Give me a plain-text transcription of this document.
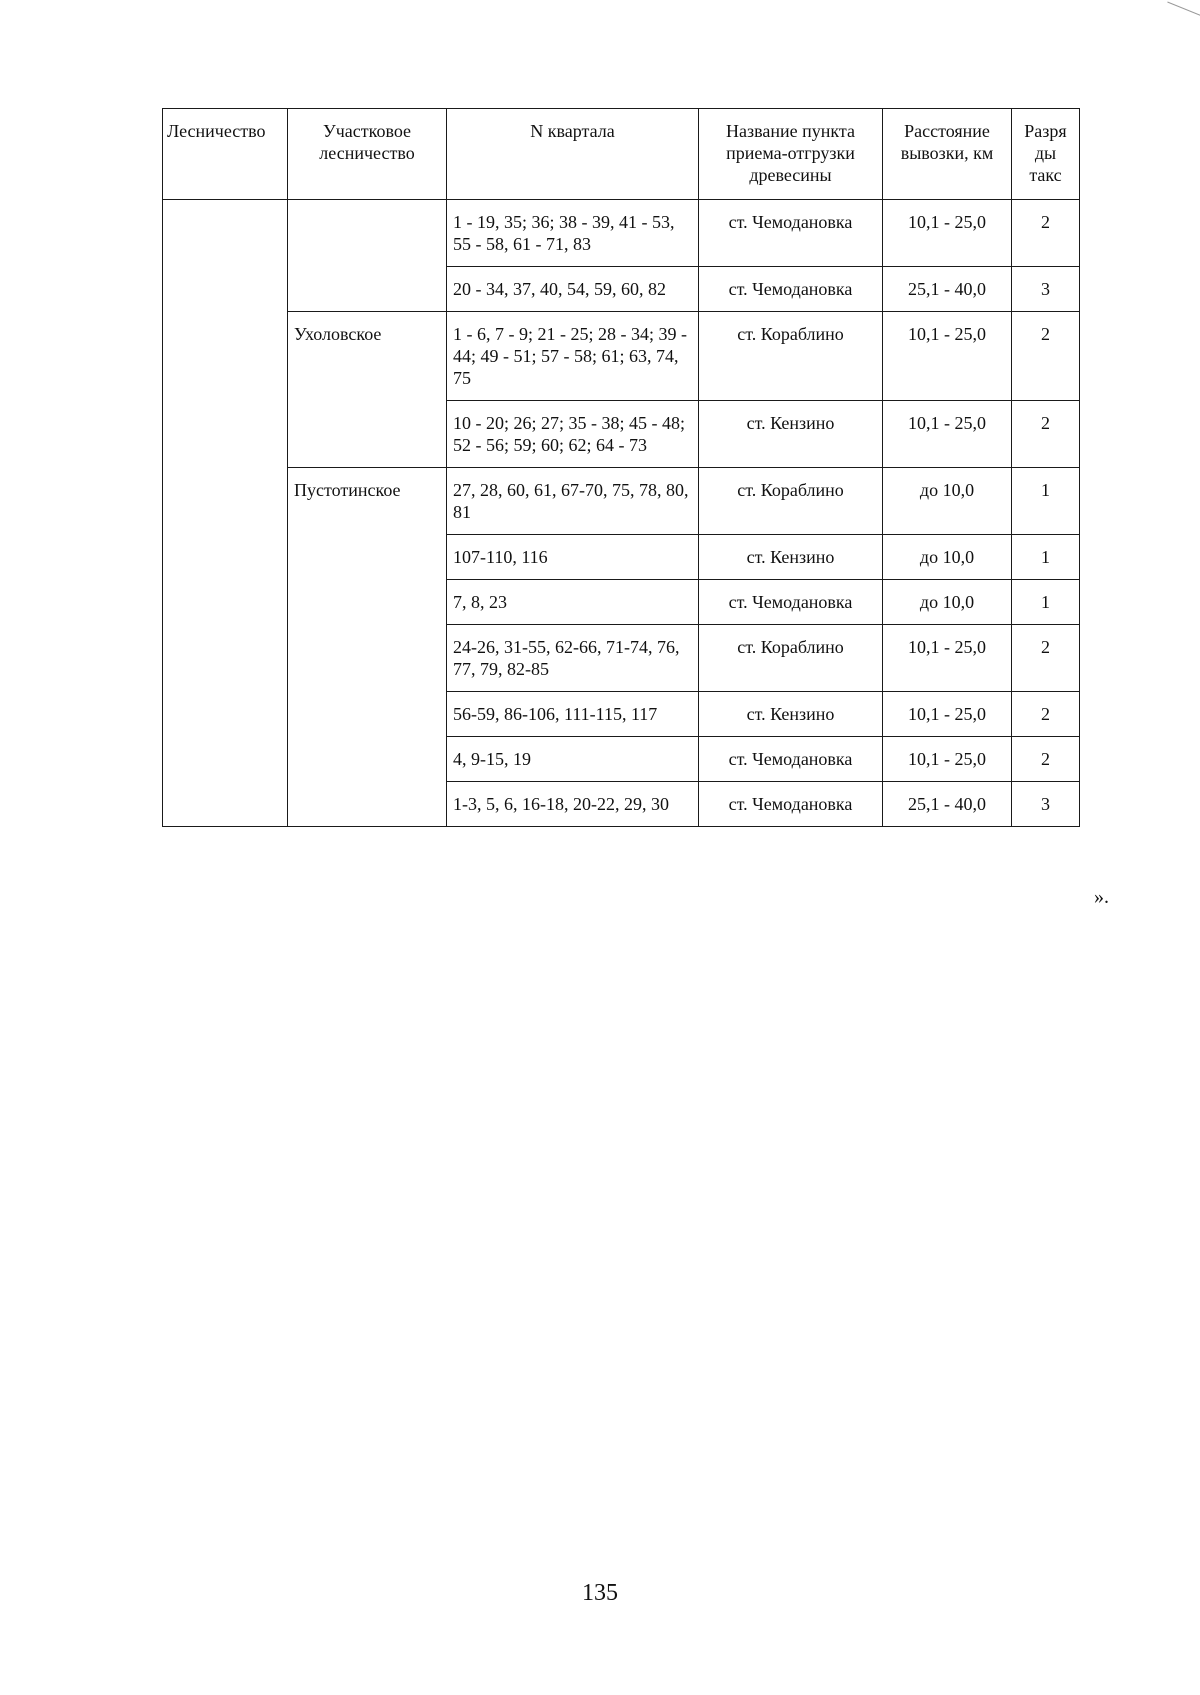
Лесничество	Участковое лесничество	N квартала	Название пункта приема-отгрузки древесины	Расстояние вывозки, км	Разря ды такс
		1 - 19, 35; 36; 38 - 39, 41 - 53, 55 - 58, 61 - 71, 83	ст. Чемодановка	10,1 - 25,0	2
		20 - 34, 37, 40, 54, 59, 60, 82	ст. Чемодановка	25,1 - 40,0	3
	Ухоловское	1 - 6, 7 - 9; 21 - 25; 28 - 34; 39 - 44; 49 - 51; 57 - 58; 61; 63, 74, 75	ст. Кораблино	10,1 - 25,0	2
		10 - 20; 26; 27; 35 - 38; 45 - 48; 52 - 56; 59; 60; 62; 64 - 73	ст. Кензино	10,1 - 25,0	2
	Пустотинское	27, 28, 60, 61, 67-70, 75, 78, 80, 81	ст. Кораблино	до 10,0	1
		107-110, 116	ст. Кензино	до 10,0	1
		7, 8, 23	ст. Чемодановка	до 10,0	1
		24-26, 31-55, 62-66, 71-74, 76, 77, 79, 82-85	ст. Кораблино	10,1 - 25,0	2
		56-59, 86-106, 111-115, 117	ст. Кензино	10,1 - 25,0	2
		4, 9-15, 19	ст. Чемодановка	10,1 - 25,0	2
		1-3, 5, 6, 16-18, 20-22, 29, 30	ст. Чемодановка	25,1 - 40,0	3
».
135
